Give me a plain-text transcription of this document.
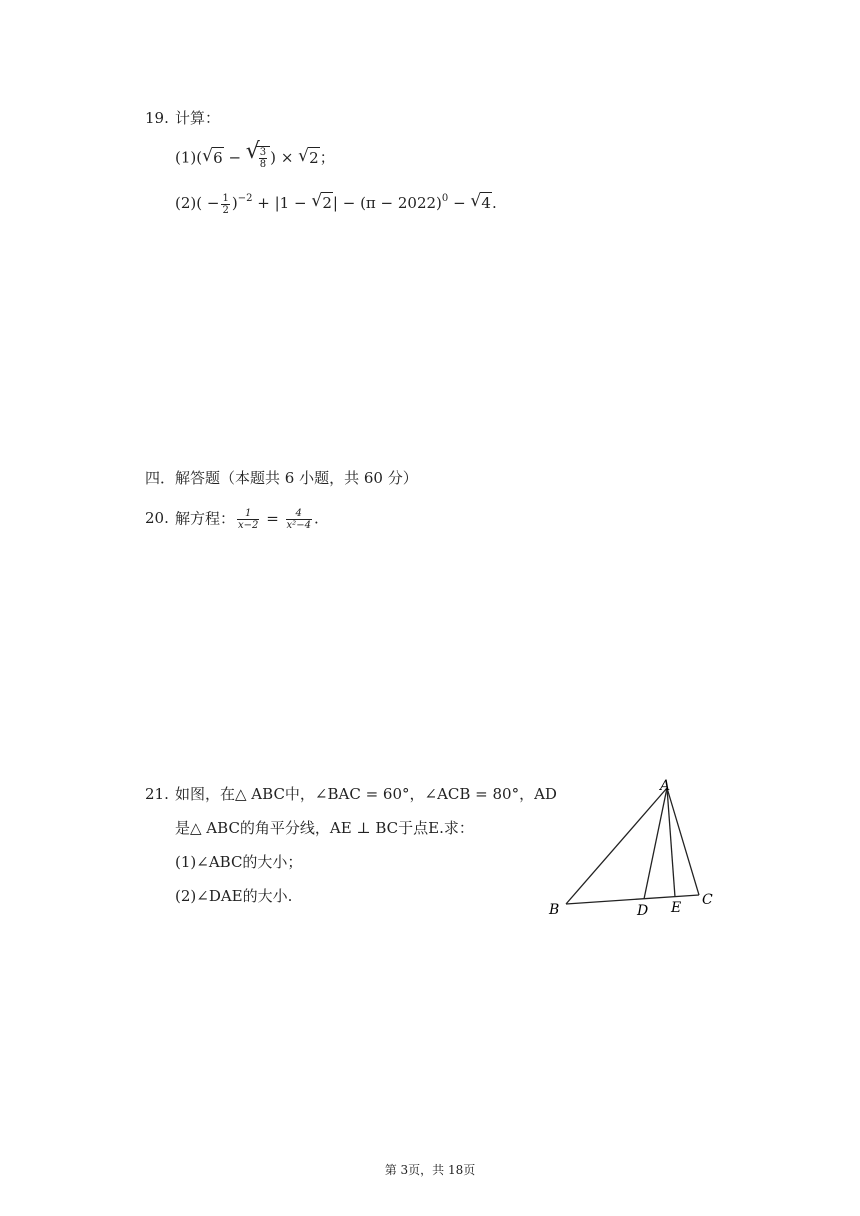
19. 计算：
(1)( √ 6 − √
$\frac{3}{8}$ ) × √ 2；
$(2)( - \frac{1}{2} )^{-2} + |1$ − √ $2| - (\pi - 2022)^0$ − √ 4.
四．解答题（本题共 6 小题，共 60 分）
20. 解方程： $\frac{1}{x-2} = \frac{4}{\text{x²−4}}$ .
21. 如图，在△ ABC中，∠BAC = 60°，∠ACB = 80°，AD
是△ ABC的角平分线，AE ⊥ BC于点E.求：
(1)∠ABC的大小；
(2)∠DAE的大小.
A
B
C
D E
第 3页，共 18页
